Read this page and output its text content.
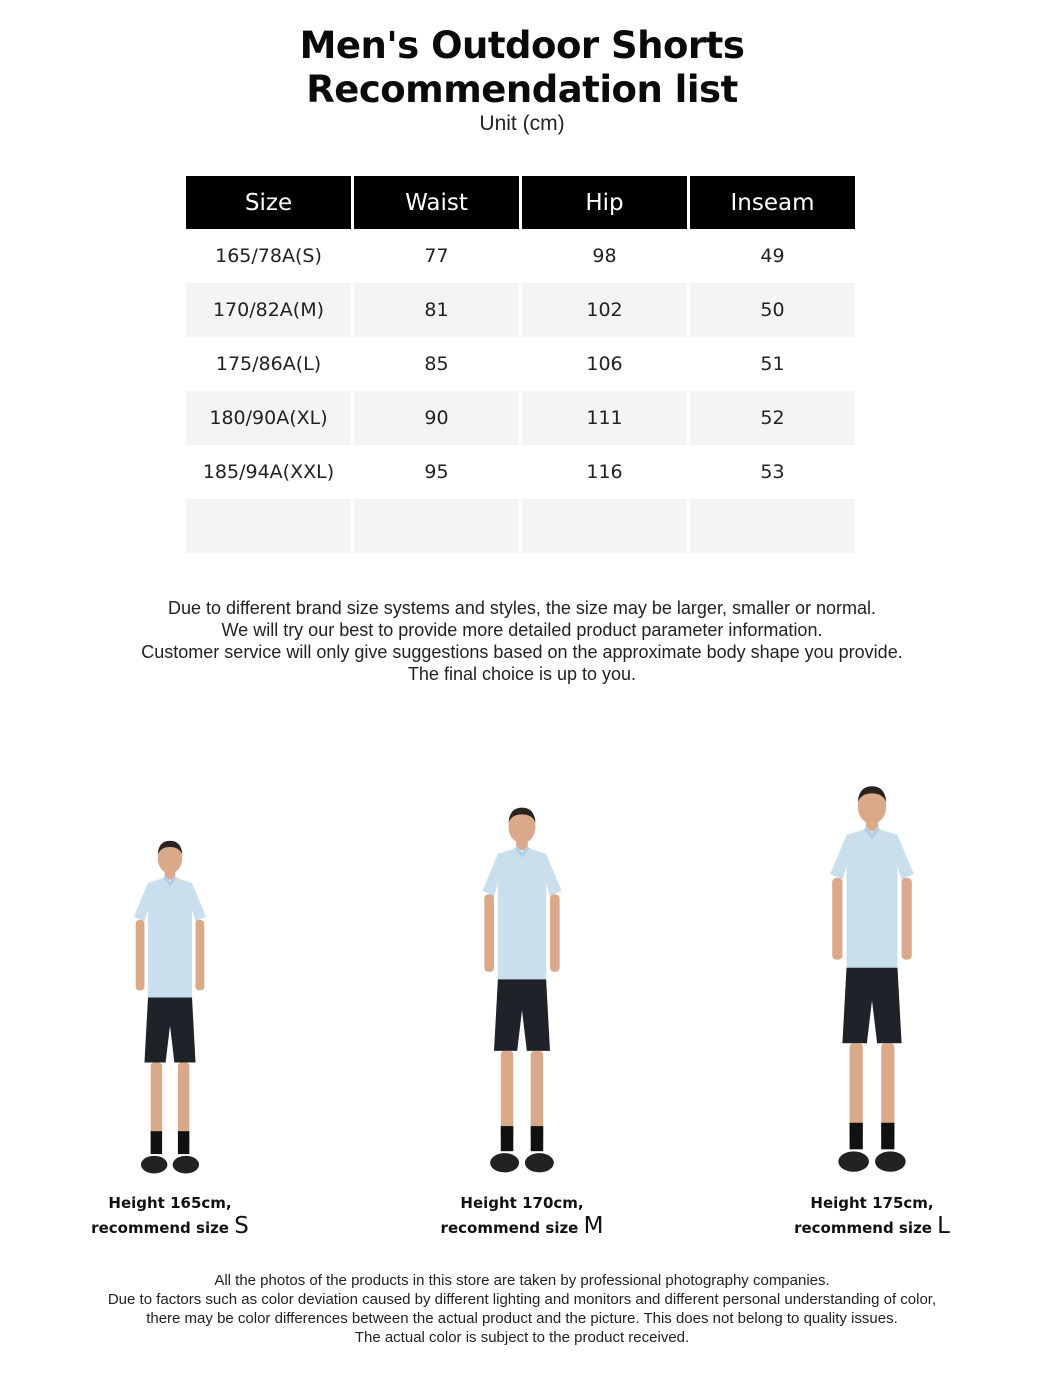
Men's Outdoor Shorts
Recommendation list
Unit (cm)
Size	Waist	Hip	Inseam
165/78A(S)	77	98	49
170/82A(M)	81	102	50
175/86A(L)	85	106	51
180/90A(XL)	90	111	52
185/94A(XXL)	95	116	53

Due to different brand size systems and styles, the size may be larger, smaller or normal.
We will try our best to provide more detailed product parameter information.
Customer service will only give suggestions based on the approximate body shape you provide.
The final choice is up to you.
Height 165cm,
recommend size S
Height 170cm,
recommend size M
Height 175cm,
recommend size L
All the photos of the products in this store are taken by professional photography companies.
Due to factors such as color deviation caused by different lighting and monitors and different personal understanding of color,
there may be color differences between the actual product and the picture. This does not belong to quality issues.
The actual color is subject to the product received.
